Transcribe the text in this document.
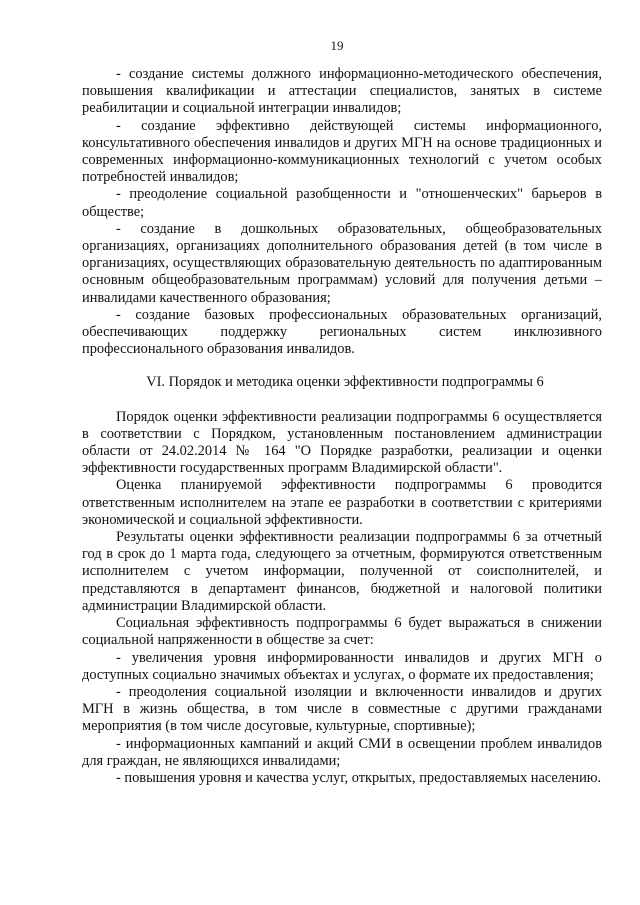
19
- создание системы должного информационно-методического обеспечения, повышения квалификации и аттестации специалистов, занятых в системе реабилитации и социальной интеграции инвалидов;
- создание эффективно действующей системы информационного, консультативного обеспечения инвалидов и других МГН на основе традиционных и современных информационно-коммуникационных технологий с учетом особых потребностей инвалидов;
- преодоление социальной разобщенности и "отношенческих" барьеров в обществе;
- создание в дошкольных образовательных, общеобразовательных организациях, организациях дополнительного образования детей (в том числе в организациях, осуществляющих образовательную деятельность по адаптированным основным общеобразовательным программам) условий для получения детьми – инвалидами качественного образования;
- создание базовых профессиональных образовательных организаций, обеспечивающих поддержку региональных систем инклюзивного профессионального образования инвалидов.
VI. Порядок и методика оценки эффективности подпрограммы 6
Порядок оценки эффективности реализации подпрограммы 6 осуществляется в соответствии с Порядком, установленным постановлением администрации области от 24.02.2014 № 164 "О Порядке разработки, реализации и оценки эффективности государственных программ Владимирской области".
Оценка планируемой эффективности подпрограммы 6 проводится ответственным исполнителем на этапе ее разработки в соответствии с критериями экономической и социальной эффективности.
Результаты оценки эффективности реализации подпрограммы 6 за отчетный год в срок до 1 марта года, следующего за отчетным, формируются ответственным исполнителем с учетом информации, полученной от соисполнителей, и представляются в департамент финансов, бюджетной и налоговой политики администрации Владимирской области.
Социальная эффективность подпрограммы 6 будет выражаться в снижении социальной напряженности в обществе за счет:
- увеличения уровня информированности инвалидов и других МГН о доступных социально значимых объектах и услугах, о формате их предоставления;
- преодоления социальной изоляции и включенности инвалидов и других МГН в жизнь общества, в том числе в совместные с другими гражданами мероприятия (в том числе досуговые, культурные, спортивные);
- информационных кампаний и акций СМИ в освещении проблем инвалидов для граждан, не являющихся инвалидами;
- повышения уровня и качества услуг, открытых, предоставляемых населению.
